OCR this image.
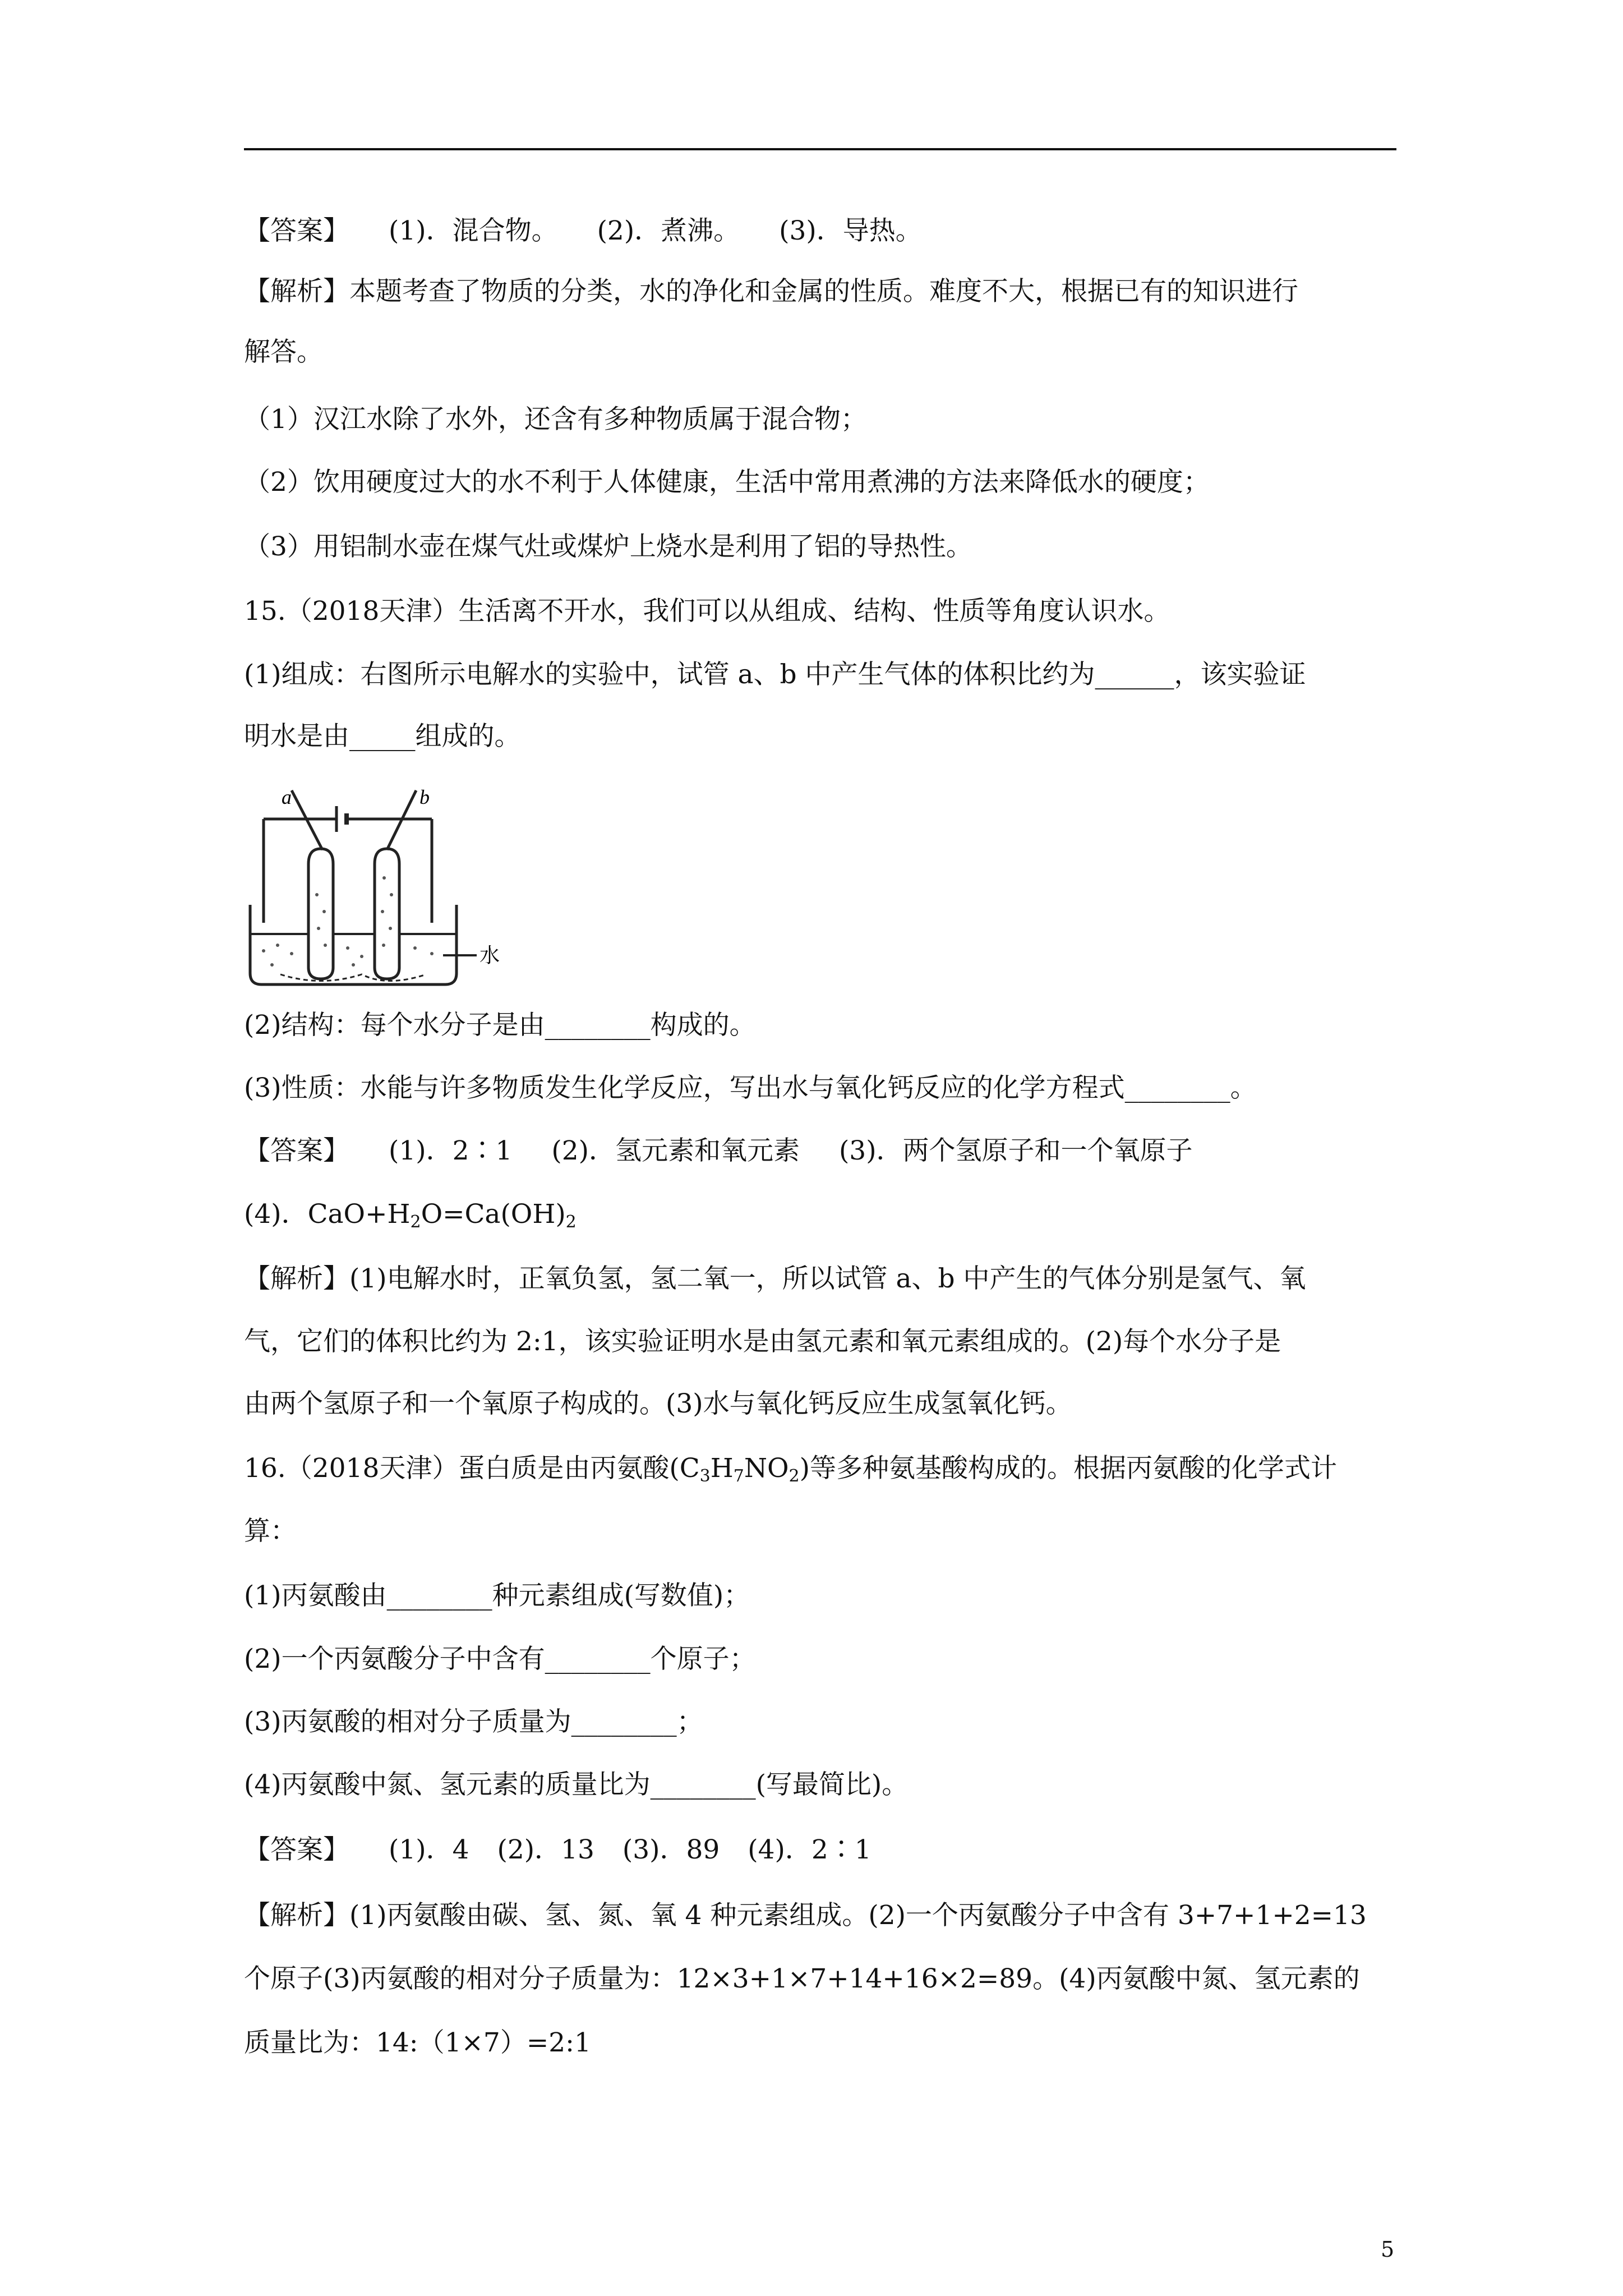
【答案】 (1)．混合物。 (2)．煮沸。 (3)．导热。
【解析】本题考查了物质的分类，水的净化和金属的性质。难度不大，根据已有的知识进行
解答。
（1）汉江水除了水外，还含有多种物质属于混合物；
（2）饮用硬度过大的水不利于人体健康，生活中常用煮沸的方法来降低水的硬度；
（3）用铝制水壶在煤气灶或煤炉上烧水是利用了铝的导热性。
15.（2018天津）生活离不开水，我们可以从组成、结构、性质等角度认识水。
(1)组成：右图所示电解水的实验中，试管 a、b 中产生气体的体积比约为______，该实验证
明水是由_____组成的。
a	b
水
(2)结构：每个水分子是由________构成的。
(3)性质：水能与许多物质发生化学反应，写出水与氧化钙反应的化学方程式________。
【答案】 (1)．2∶1 (2)．氢元素和氧元素 (3)．两个氢原子和一个氧原子
(4)．$CaO+H_2O=Ca(OH)_2$
【解析】(1)电解水时，正氧负氢，氢二氧一，所以试管 a、b 中产生的气体分别是氢气、氧
气，它们的体积比约为 2:1，该实验证明水是由氢元素和氧元素组成的。(2)每个水分子是
由两个氢原子和一个氧原子构成的。(3)水与氧化钙反应生成氢氧化钙。
16.（2018天津）蛋白质是由丙氨酸$(C_3H_7NO_2)$等多种氨基酸构成的。根据丙氨酸的化学式计
算：
(1)丙氨酸由________种元素组成(写数值)；
(2)一个丙氨酸分子中含有________个原子；
(3)丙氨酸的相对分子质量为________；
(4)丙氨酸中氮、氢元素的质量比为________(写最简比)。
【答案】 (1)．4 (2)．13 (3)．89 (4)．2∶1
【解析】(1)丙氨酸由碳、氢、氮、氧 4 种元素组成。(2)一个丙氨酸分子中含有 3+7+1+2=13
个原子(3)丙氨酸的相对分子质量为：12×3+1×7+14+16×2=89。(4)丙氨酸中氮、氢元素的
质量比为：14:（1×7）=2:1
5
